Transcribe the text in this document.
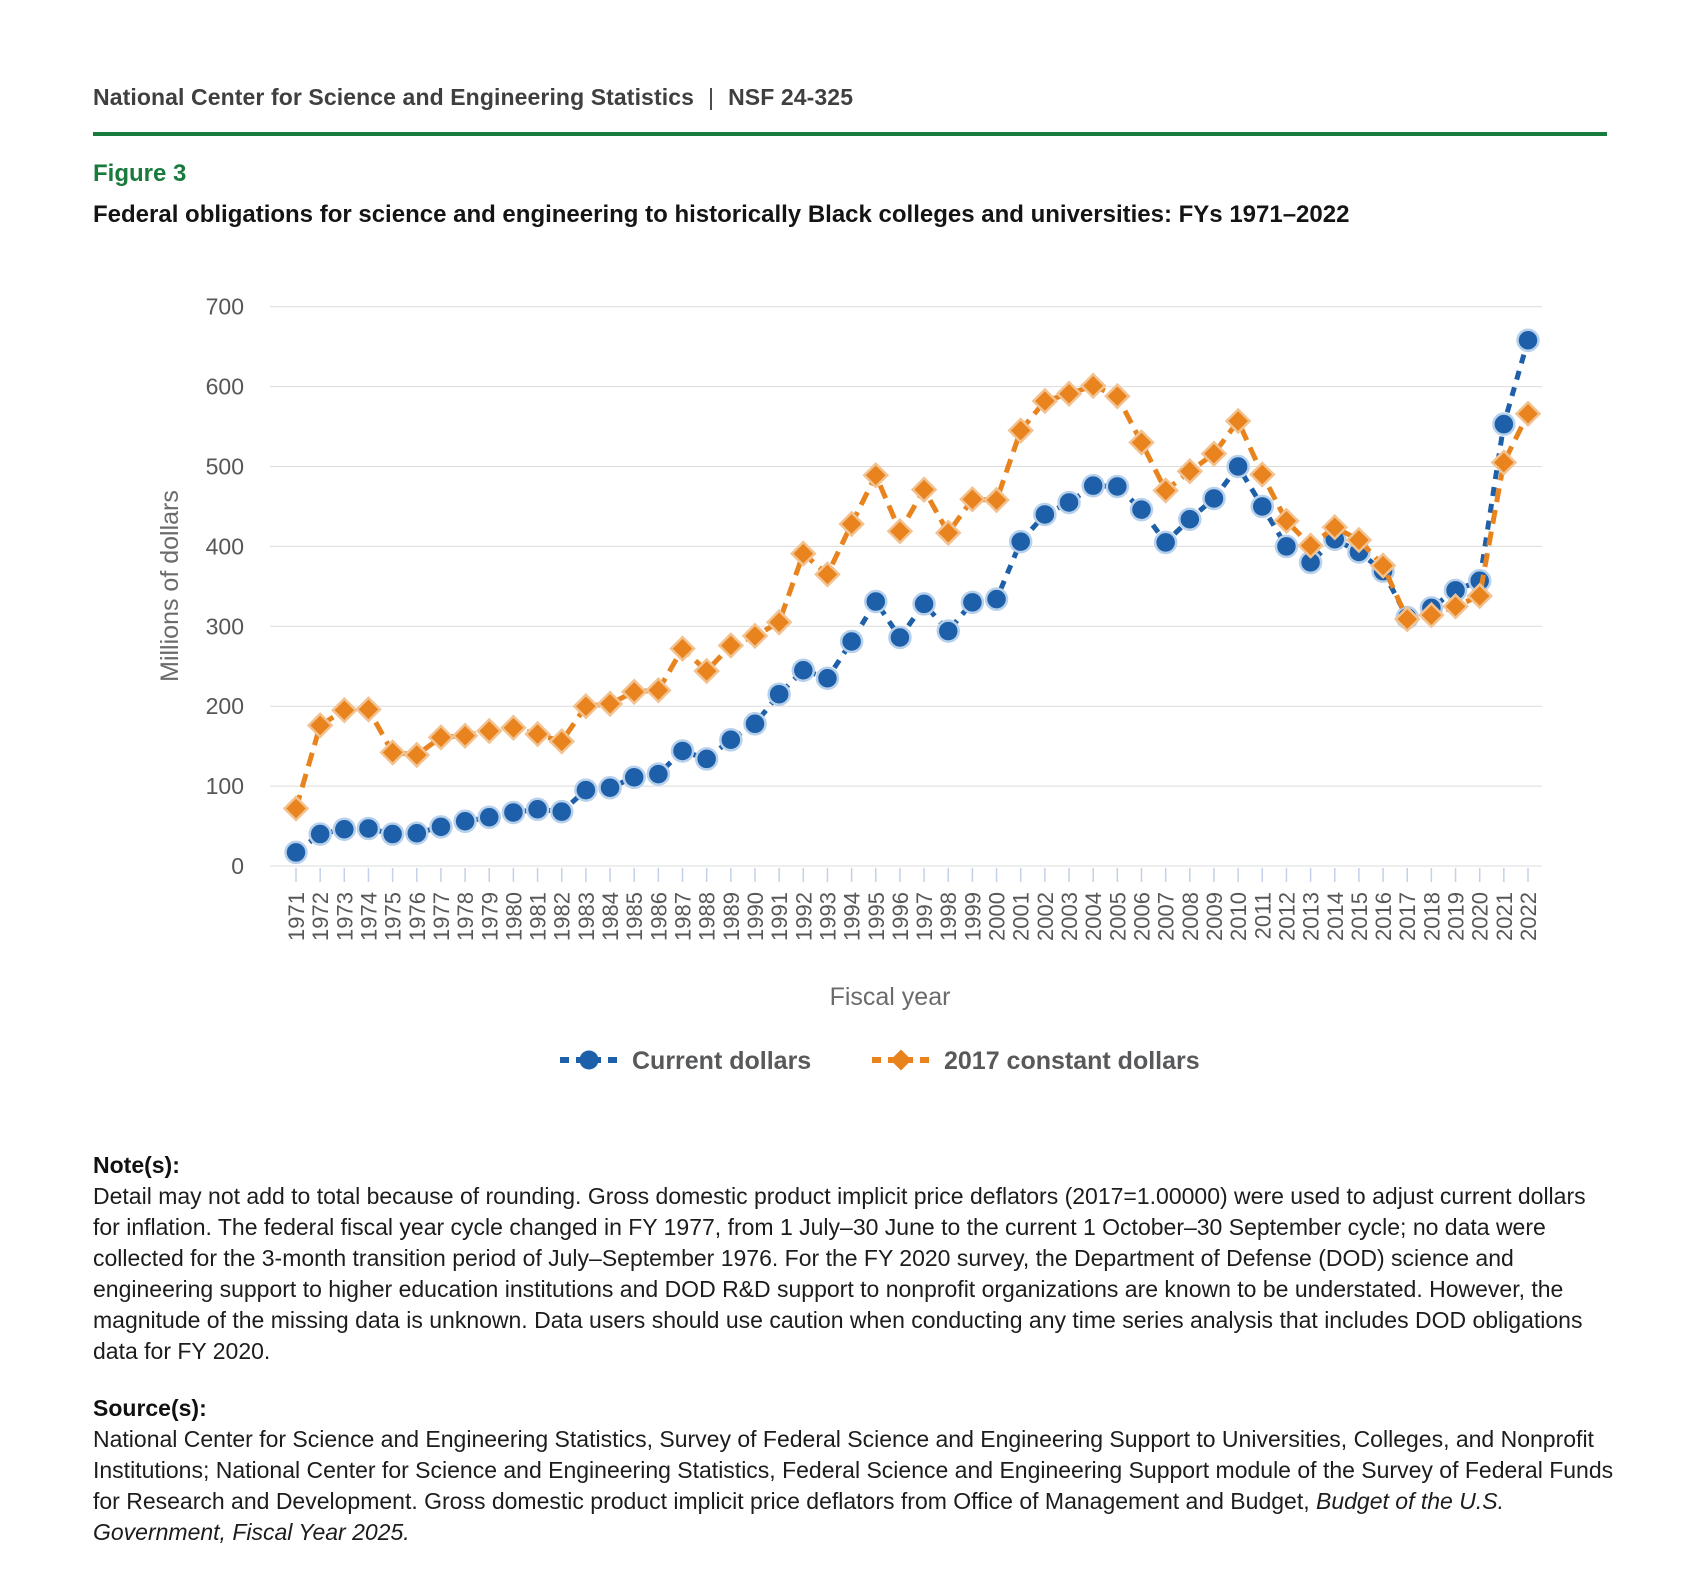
National Center for Science and Engineering Statistics | NSF 24-325
Figure 3
Federal obligations for science and engineering to historically Black colleges and universities: FYs 1971–2022
0
100
200
300
400
500
600
700
Millions of dollars
1971 1972 1973 1974 1975 1976 1977 1978 1979 1980 1981 1982 1983 1984 1985 1986 1987 1988 1989 1990 1991 1992 1993 1994 1995 1996 1997 1998 1999 2000 2001 2002 2003 2004 2005 2006 2007 2008 2009 2010 2011 2012 2013 2014 2015 2016 2017 2018 2019 2020 2021 2022
Fiscal year
Current dollars	2017 constant dollars
Note(s):

Detail may not add to total because of rounding. Gross domestic product implicit price deflators (2017=1.00000) were used to adjust current dollars for inflation. The federal fiscal year cycle changed in FY 1977, from 1 July–30 June to the current 1 October–30 September cycle; no data were collected for the 3-month transition period of July–September 1976. For the FY 2020 survey, the Department of Defense (DOD) science and engineering support to higher education institutions and DOD R&D support to nonprofit organizations are known to be understated. However, the magnitude of the missing data is unknown. Data users should use caution when conducting any time series analysis that includes DOD obligations data for FY 2020.

Source(s):

National Center for Science and Engineering Statistics, Survey of Federal Science and Engineering Support to Universities, Colleges, and Nonprofit Institutions; National Center for Science and Engineering Statistics, Federal Science and Engineering Support module of the Survey of Federal Funds for Research and Development. Gross domestic product implicit price deflators from Office of Management and Budget, Budget of the U.S. Government, Fiscal Year 2025.
